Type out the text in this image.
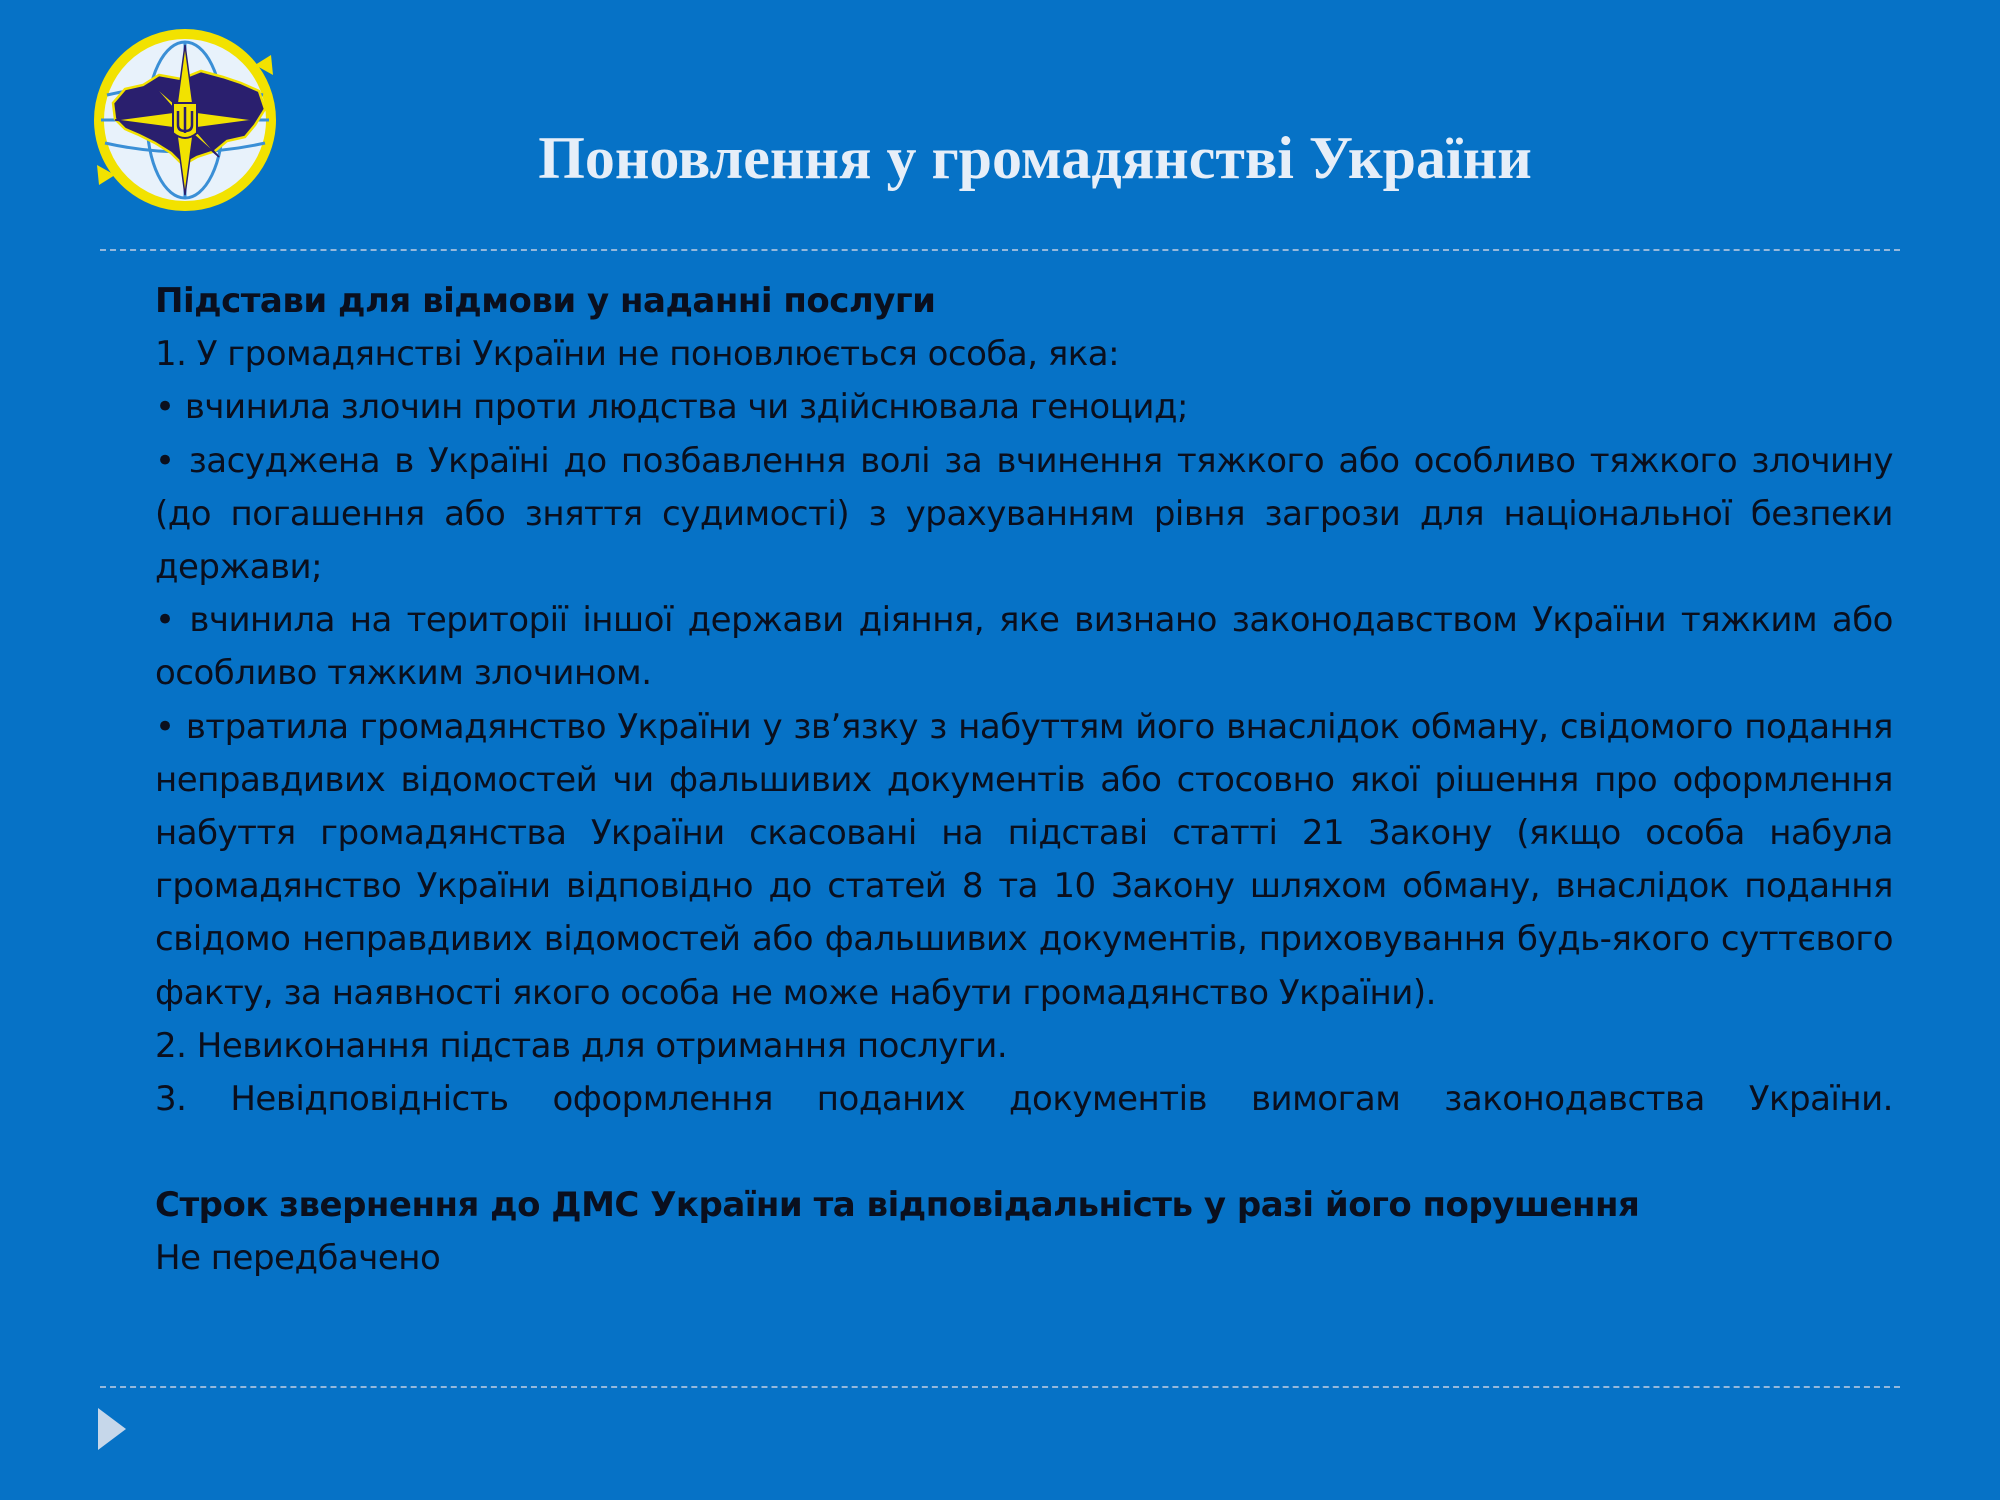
Поновлення у громадянстві України

Підстави для відмови у наданні послуги

1. У громадянстві України не поновлюється особа, яка:

• вчинила злочин проти людства чи здійснювала геноцид;

• засуджена в Україні до позбавлення волі за вчинення тяжкого або особливо тяжкого злочину (до погашення або зняття судимості) з урахуванням рівня загрози для національної безпеки держави;

• вчинила на території іншої держави діяння, яке визнано законодавством України тяжким або особливо тяжким злочином.

• втратила громадянство України у зв’язку з набуттям його внаслідок обману, свідомого подання неправдивих відомостей чи фальшивих документів або стосовно якої рішення про оформлення набуття громадянства України скасовані на підставі статті 21 Закону (якщо особа набула громадянство України відповідно до статей 8 та 10 Закону шляхом обману, внаслідок подання свідомо неправдивих відомостей або фальшивих документів, приховування будь-якого суттєвого факту, за наявності якого особа не може набути громадянство України).

2. Невиконання підстав для отримання послуги.

3. Невідповідність оформлення поданих документів вимогам законодавства України.

Строк звернення до ДМС України та відповідальність у разі його порушення

Не передбачено
